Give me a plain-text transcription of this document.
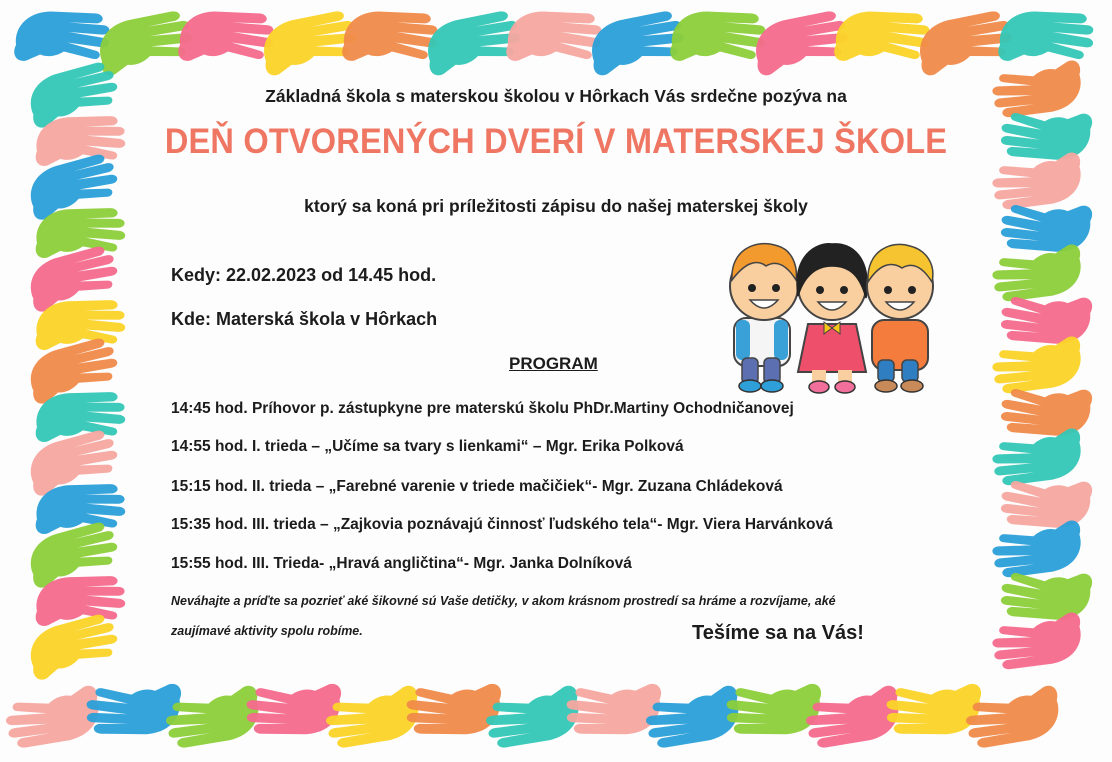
Základná škola s materskou školou v Hôrkach Vás srdečne pozýva na
DEŇ OTVORENÝCH DVERÍ V MATERSKEJ ŠKOLE
ktorý sa koná pri príležitosti zápisu do našej materskej školy
Kedy: 22.02.2023 od 14.45 hod.
Kde: Materská škola v Hôrkach
PROGRAM
14:45 hod. Príhovor p. zástupkyne pre materskú školu PhDr.Martiny Ochodničanovej
14:55 hod. I. trieda – „Učíme sa tvary s lienkami“ – Mgr. Erika Polková
15:15 hod. II. trieda – „Farebné varenie v triede mačičiek“- Mgr. Zuzana Chládeková
15:35 hod. III. trieda – „Zajkovia poznávajú činnosť ľudského tela“- Mgr. Viera Harvánková
15:55 hod. III. Trieda- „Hravá angličtina“- Mgr. Janka Dolníková
Neváhajte a príďte sa pozrieť aké šikovné sú Vaše detičky, v akom krásnom prostredí sa hráme a rozvíjame, aké
zaujímavé aktivity spolu robíme.	Tešíme sa na Vás!
